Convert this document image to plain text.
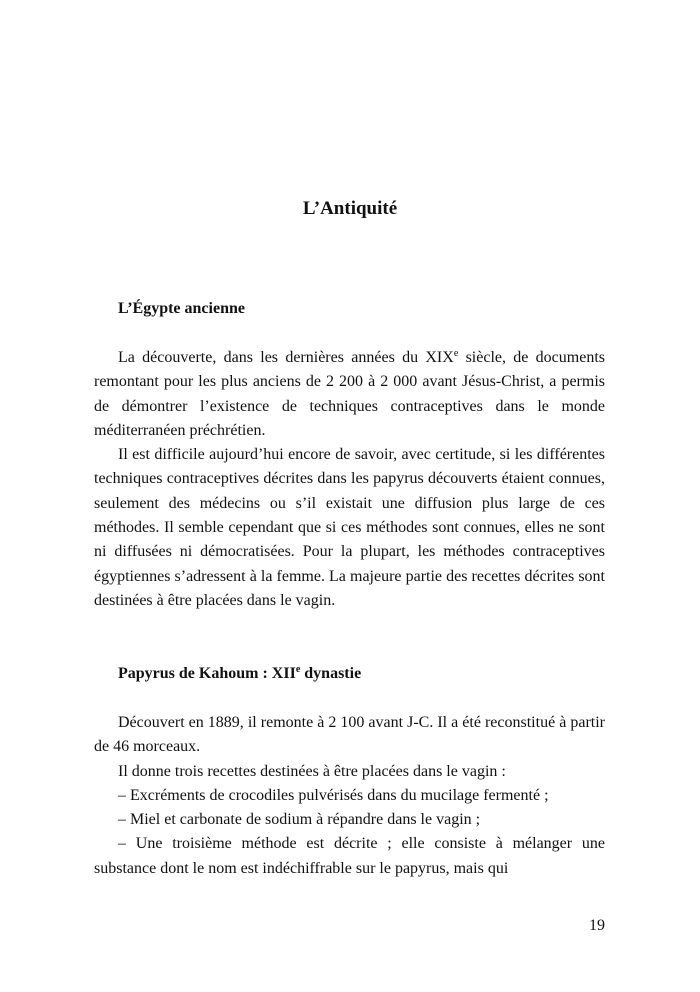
L’Antiquité
L’Égypte ancienne

La découverte, dans les dernières années du XIXe siècle, de documents remontant pour les plus anciens de 2 200 à 2 000 avant Jésus-Christ, a permis de démontrer l’existence de techniques contraceptives dans le monde méditerranéen préchrétien.

Il est difficile aujourd’hui encore de savoir, avec certitude, si les différentes techniques contraceptives décrites dans les papyrus découverts étaient connues, seulement des médecins ou s’il existait une diffusion plus large de ces méthodes. Il semble cependant que si ces méthodes sont connues, elles ne sont ni diffusées ni démocratisées. Pour la plupart, les méthodes contraceptives égyptiennes s’adressent à la femme. La majeure partie des recettes décrites sont destinées à être placées dans le vagin.

Papyrus de Kahoum : XIIe dynastie

Découvert en 1889, il remonte à 2 100 avant J-C. Il a été reconstitué à partir de 46 morceaux.

Il donne trois recettes destinées à être placées dans le vagin :

– Excréments de crocodiles pulvérisés dans du mucilage fermenté ;

– Miel et carbonate de sodium à répandre dans le vagin ;

– Une troisième méthode est décrite ; elle consiste à mélanger une substance dont le nom est indéchiffrable sur le papyrus, mais qui

19
